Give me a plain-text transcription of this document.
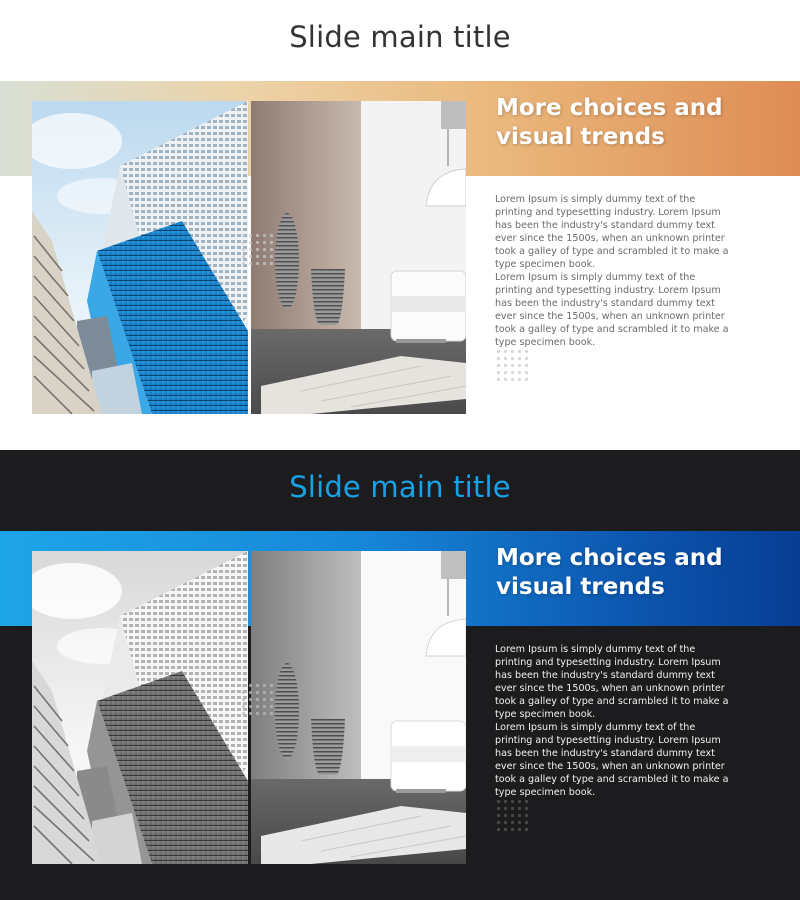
Slide main title
More choices and
visual trends

Lorem Ipsum is simply dummy text of the printing and typesetting industry. Lorem Ipsum has been the industry's standard dummy text ever since the 1500s, when an unknown printer took a galley of type and scrambled it to make a type specimen book.

Lorem Ipsum is simply dummy text of the printing and typesetting industry. Lorem Ipsum has been the industry's standard dummy text ever since the 1500s, when an unknown printer took a galley of type and scrambled it to make a type specimen book.

Slide main title
More choices and
visual trends

Lorem Ipsum is simply dummy text of the printing and typesetting industry. Lorem Ipsum has been the industry's standard dummy text ever since the 1500s, when an unknown printer took a galley of type and scrambled it to make a type specimen book.

Lorem Ipsum is simply dummy text of the printing and typesetting industry. Lorem Ipsum has been the industry's standard dummy text ever since the 1500s, when an unknown printer took a galley of type and scrambled it to make a type specimen book.
